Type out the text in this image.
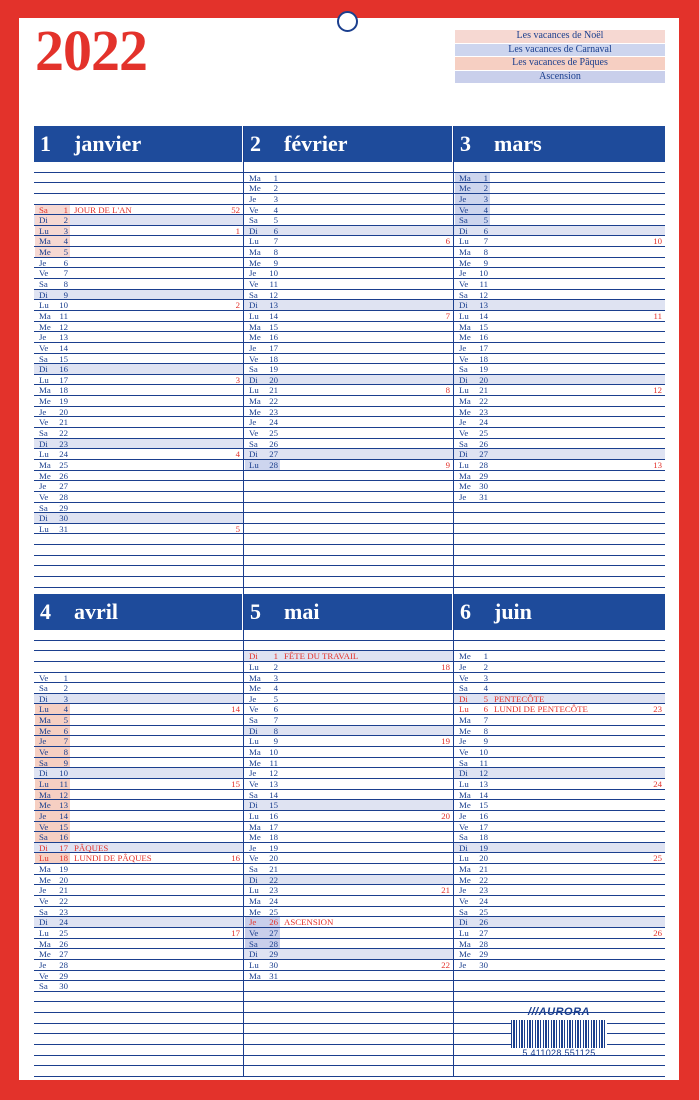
2022	Les vacances de Noël
Les vacances de Carnaval
Les vacances de Pâques
Ascension
1 janvier
Sa	1 JOUR DE L'AN	52
Di	2
Lu	3	1
Ma	4
Me	5
Je	6
Ve	7
Sa	8
Di	9
Lu	10	2
Ma 11
Me 12
Je	13
Ve	14
Sa	15
Di	16
Lu	17	3
Ma 18
Me 19
Je	20
Ve	21
Sa	22
Di	23
Lu	24	4
Ma 25
Me 26
Je	27
Ve	28
Sa	29
Di	30
Lu	31	5
2 février
Ma	1
Me	2
Je	3
Ve	4
Sa	5
Di	6
Lu	7	6
Ma	8
Me	9
Je	10
Ve	11
Sa	12
Di	13
Lu	14	7
Ma 15
Me 16
Je	17
Ve	18
Sa	19
Di	20
Lu	21	8
Ma 22
Me 23
Je	24
Ve	25
Sa	26
Di	27
Lu	28	9
3 mars
Ma	1
Me	2
Je	3
Ve	4
Sa	5
Di	6
Lu	7	10
Ma	8
Me	9
Je	10
Ve	11
Sa	12
Di	13
Lu	14	11
Ma 15
Me 16
Je	17
Ve	18
Sa	19
Di	20
Lu	21	12
Ma 22
Me 23
Je	24
Ve	25
Sa	26
Di	27
Lu	28	13
Ma 29
Me 30
Je	31
4 avril
Ve	1
Sa	2
Di	3
Lu	4	14
Ma	5
Me	6
Je	7
Ve	8
Sa	9
Di	10
Lu	11	15
Ma 12
Me 13
Je	14
Ve	15
Sa	16
Di	17 PÂQUES
Lu	18 LUNDI DE PÂQUES	16
Ma 19
Me 20
Je	21
Ve	22
Sa	23
Di	24
Lu	25	17
Ma 26
Me 27
Je	28
Ve	29
Sa	30
5 mai
Di	1 FÊTE DU TRAVAIL
Lu	2	18
Ma	3
Me	4
Je	5
Ve	6
Sa	7
Di	8
Lu	9	19
Ma 10
Me 11
Je	12
Ve	13
Sa	14
Di	15
Lu	16	20
Ma 17
Me 18
Je	19
Ve	20
Sa	21
Di	22
Lu	23	21
Ma 24
Me 25
Je	26 ASCENSION
Ve	27
Sa	28
Di	29
Lu	30	22
Ma 31
6 juin
Me	1
Je	2
Ve	3
Sa	4
Di	5 PENTECÔTE
Lu	6 LUNDI DE PENTECÔTE	23
Ma	7
Me	8
Je	9
Ve	10
Sa	11
Di	12
Lu	13	24
Ma 14
Me 15
Je	16
Ve	17
Sa	18
Di	19
Lu	20	25
Ma 21
Me 22
Je	23
Ve	24
Sa	25
Di	26
Lu	27	26
Ma 28
Me 29
Je	30
///AURORA
5 411028 551125
